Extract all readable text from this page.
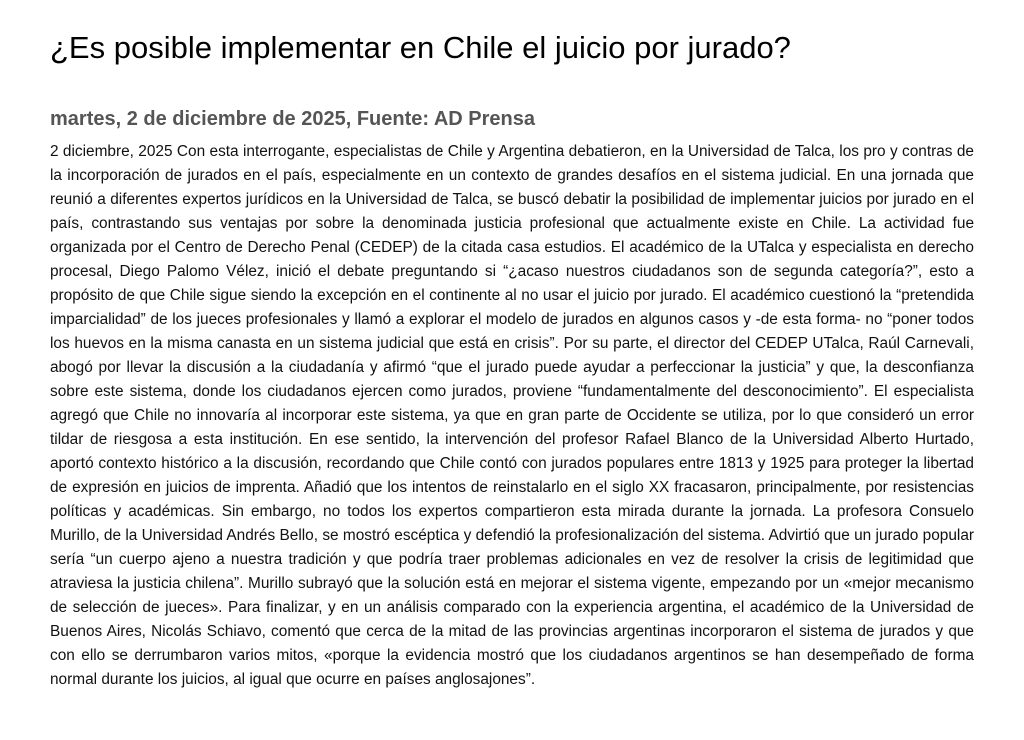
¿Es posible implementar en Chile el juicio por jurado?
martes, 2 de diciembre de 2025, Fuente: AD Prensa

2 diciembre, 2025 Con esta interrogante, especialistas de Chile y Argentina debatieron, en la Universidad de Talca, los pro y contras de la incorporación de jurados en el país, especialmente en un contexto de grandes desafíos en el sistema judicial. En una jornada que reunió a diferentes expertos jurídicos en la Universidad de Talca, se buscó debatir la posibilidad de implementar juicios por jurado en el país, contrastando sus ventajas por sobre la denominada justicia profesional que actualmente existe en Chile. La actividad fue organizada por el Centro de Derecho Penal (CEDEP) de la citada casa estudios. El académico de la UTalca y especialista en derecho procesal, Diego Palomo Vélez, inició el debate preguntando si “¿acaso nuestros ciudadanos son de segunda categoría?”, esto a propósito de que Chile sigue siendo la excepción en el continente al no usar el juicio por jurado. El académico cuestionó la “pretendida imparcialidad” de los jueces profesionales y llamó a explorar el modelo de jurados en algunos casos y -de esta forma- no “poner todos los huevos en la misma canasta en un sistema judicial que está en crisis”. Por su parte, el director del CEDEP UTalca, Raúl Carnevali, abogó por llevar la discusión a la ciudadanía y afirmó “que el jurado puede ayudar a perfeccionar la justicia” y que, la desconfianza sobre este sistema, donde los ciudadanos ejercen como jurados, proviene “fundamentalmente del desconocimiento”. El especialista agregó que Chile no innovaría al incorporar este sistema, ya que en gran parte de Occidente se utiliza, por lo que consideró un error tildar de riesgosa a esta institución. En ese sentido, la intervención del profesor Rafael Blanco de la Universidad Alberto Hurtado, aportó contexto histórico a la discusión, recordando que Chile contó con jurados populares entre 1813 y 1925 para proteger la libertad de expresión en juicios de imprenta. Añadió que los intentos de reinstalarlo en el siglo XX fracasaron, principalmente, por resistencias políticas y académicas. Sin embargo, no todos los expertos compartieron esta mirada durante la jornada. La profesora Consuelo Murillo, de la Universidad Andrés Bello, se mostró escéptica y defendió la profesionalización del sistema. Advirtió que un jurado popular sería “un cuerpo ajeno a nuestra tradición y que podría traer problemas adicionales en vez de resolver la crisis de legitimidad que atraviesa la justicia chilena”. Murillo subrayó que la solución está en mejorar el sistema vigente, empezando por un «mejor mecanismo de selección de jueces». Para finalizar, y en un análisis comparado con la experiencia argentina, el académico de la Universidad de Buenos Aires, Nicolás Schiavo, comentó que cerca de la mitad de las provincias argentinas incorporaron el sistema de jurados y que con ello se derrumbaron varios mitos, «porque la evidencia mostró que los ciudadanos argentinos se han desempeñado de forma normal durante los juicios, al igual que ocurre en países anglosajones”.
